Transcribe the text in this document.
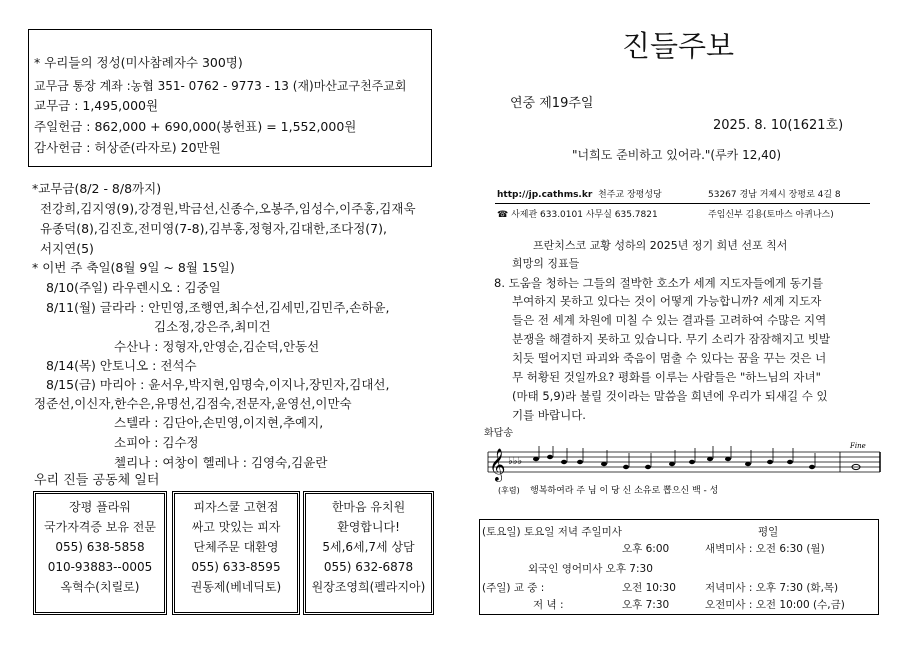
* 우리들의 정성(미사참례자수 300명)
교무금 통장 계좌 :농협 351- 0762 - 9773 - 13 (재)마산교구천주교회
교무금 : 1,495,000원
주일헌금 : 862,000 + 690,000(봉헌표) = 1,552,000원
감사헌금 : 허상준(라자로) 20만원
*교무금(8/2 - 8/8까지)
전강희,김지영(9),강경원,박금선,신종수,오봉주,임성수,이주홍,김재욱
유종덕(8),김진호,전미영(7-8),김부홍,정형자,김대한,조다정(7),
서지연(5)
* 이번 주 축일(8월 9일 ~ 8월 15일)
8/10(주일) 라우렌시오 : 김중일
8/11(월) 글라라 : 안민영,조행연,최수선,김세민,김민주,손하윤,
김소정,강은주,최미건
수산나 : 정형자,안영순,김순덕,안동선
8/14(목) 안토니오 : 전석수
8/15(금) 마리아 : 윤서우,박지현,임명숙,이지나,장민자,김대선,
정준선,이신자,한수은,유명선,김점숙,전문자,윤영선,이만숙
스텔라 : 김단아,손민영,이지현,추예지,
소피아 : 김수정
첼리나 : 여창이 헬레나 : 김영숙,김윤란
우리 진들 공동체 일터
장평 플라워
국가자격증 보유 전문
055) 638-5858
010-93883--0005
옥혁수(치릴로)
피자스쿨 고현점
싸고 맛있는 피자
단체주문 대환영
055) 633-8595
권동제(베네딕토)
한마음 유치원
환영합니다!
5세,6세,7세 상담
055) 632-6878
원장조영희(펠라지아)
진들주보
연중 제19주일
2025. 8. 10(1621호)
"너희도 준비하고 있어라."(루카 12,40)
http://jp.cathms.kr 천주교 장평성당	53267 경남 거제시 장평로 4길 8
☎ 사제관 633.0101 사무실 635.7821	주임신부 김용(토마스 아퀴나스)
프란치스코 교황 성하의 2025년 정기 희년 선포 칙서
희망의 징표들
8. 도움을 청하는 그들의 절박한 호소가 세계 지도자들에게 동기를
부여하지 못하고 있다는 것이 어떻게 가능합니까? 세계 지도자
들은 전 세계 차원에 미칠 수 있는 결과를 고려하여 수많은 지역
분쟁을 해결하지 못하고 있습니다. 무기 소리가 잠잠해지고 빗발
치듯 떨어지던 파괴와 죽음이 멈출 수 있다는 꿈을 꾸는 것은 너
무 허황된 것일까요? 평화를 이루는 사람들은 "하느님의 자녀"
(마태 5,9)라 불릴 것이라는 말씀을 희년에 우리가 되새길 수 있
기를 바랍니다.
화답송
𝄞 ♭♭♭
Fine
(후렴) 행복하여라 주 님 이 당 신 소유로 뽑으신 백 - 성
(토요일) 토요일 저녁 주일미사	평일
오후 6:00	새벽미사 : 오전 6:30 (월)
외국인 영어미사 오후 7:30
(주일) 교 중 :	오전 10:30	저녁미사 : 오후 7:30 (화,목)
저 녁 :	오후 7:30	오전미사 : 오전 10:00 (수,금)
